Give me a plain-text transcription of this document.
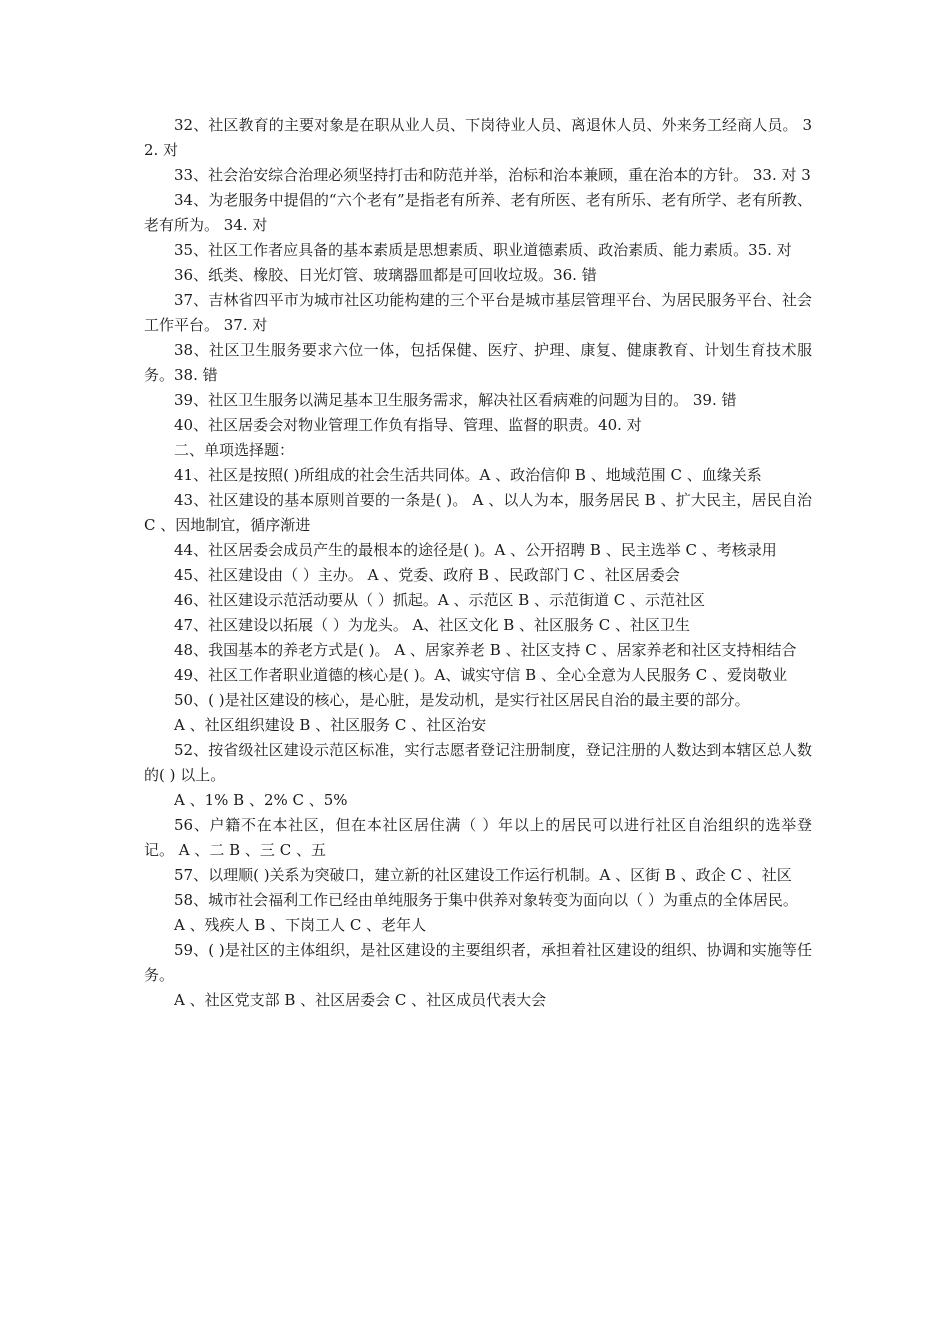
32、社区教育的主要对象是在职从业人员、下岗待业人员、离退休人员、外来务工经商人员。 32. 对

33、社会治安综合治理必须坚持打击和防范并举，治标和治本兼顾，重在治本的方针。 33. 对 3

34、为老服务中提倡的“六个老有”是指老有所养、老有所医、老有所乐、老有所学、老有所教、老有所为。 34. 对

35、社区工作者应具备的基本素质是思想素质、职业道德素质、政治素质、能力素质。35. 对

36、纸类、橡胶、日光灯管、玻璃器皿都是可回收垃圾。36. 错

37、吉林省四平市为城市社区功能构建的三个平台是城市基层管理平台、为居民服务平台、社会工作平台。 37. 对

38、社区卫生服务要求六位一体，包括保健、医疗、护理、康复、健康教育、计划生育技术服务。38. 错

39、社区卫生服务以满足基本卫生服务需求，解决社区看病难的问题为目的。 39. 错

40、社区居委会对物业管理工作负有指导、管理、监督的职责。40. 对

二、单项选择题：

41、社区是按照( )所组成的社会生活共同体。A 、政治信仰 B 、地域范围 C 、血缘关系

43、社区建设的基本原则首要的一条是( )。 A 、以人为本，服务居民 B 、扩大民主，居民自治 C 、因地制宜，循序渐进

44、社区居委会成员产生的最根本的途径是( )。A 、公开招聘 B 、民主选举 C 、考核录用

45、社区建设由（ ）主办。 A 、党委、政府 B 、民政部门 C 、社区居委会

46、社区建设示范活动要从（ ）抓起。A 、示范区 B 、示范街道 C 、示范社区

47、社区建设以拓展（ ）为龙头。 A、社区文化 B 、社区服务 C 、社区卫生

48、我国基本的养老方式是( )。 A 、居家养老 B 、社区支持 C 、居家养老和社区支持相结合

49、社区工作者职业道德的核心是( )。A、诚实守信 B 、全心全意为人民服务 C 、爱岗敬业

50、( )是社区建设的核心，是心脏，是发动机，是实行社区居民自治的最主要的部分。

A 、社区组织建设 B 、社区服务 C 、社区治安

52、按省级社区建设示范区标准，实行志愿者登记注册制度，登记注册的人数达到本辖区总人数的( ) 以上。

A 、1% B 、2% C 、5%

56、户籍不在本社区，但在本社区居住满（ ）年以上的居民可以进行社区自治组织的选举登记。 A 、二 B 、三 C 、五

57、以理顺( )关系为突破口，建立新的社区建设工作运行机制。A 、区街 B 、政企 C 、社区

58、城市社会福利工作已经由单纯服务于集中供养对象转变为面向以（ ）为重点的全体居民。

A 、残疾人 B 、下岗工人 C 、老年人

59、( )是社区的主体组织，是社区建设的主要组织者，承担着社区建设的组织、协调和实施等任务。

A 、社区党支部 B 、社区居委会 C 、社区成员代表大会
